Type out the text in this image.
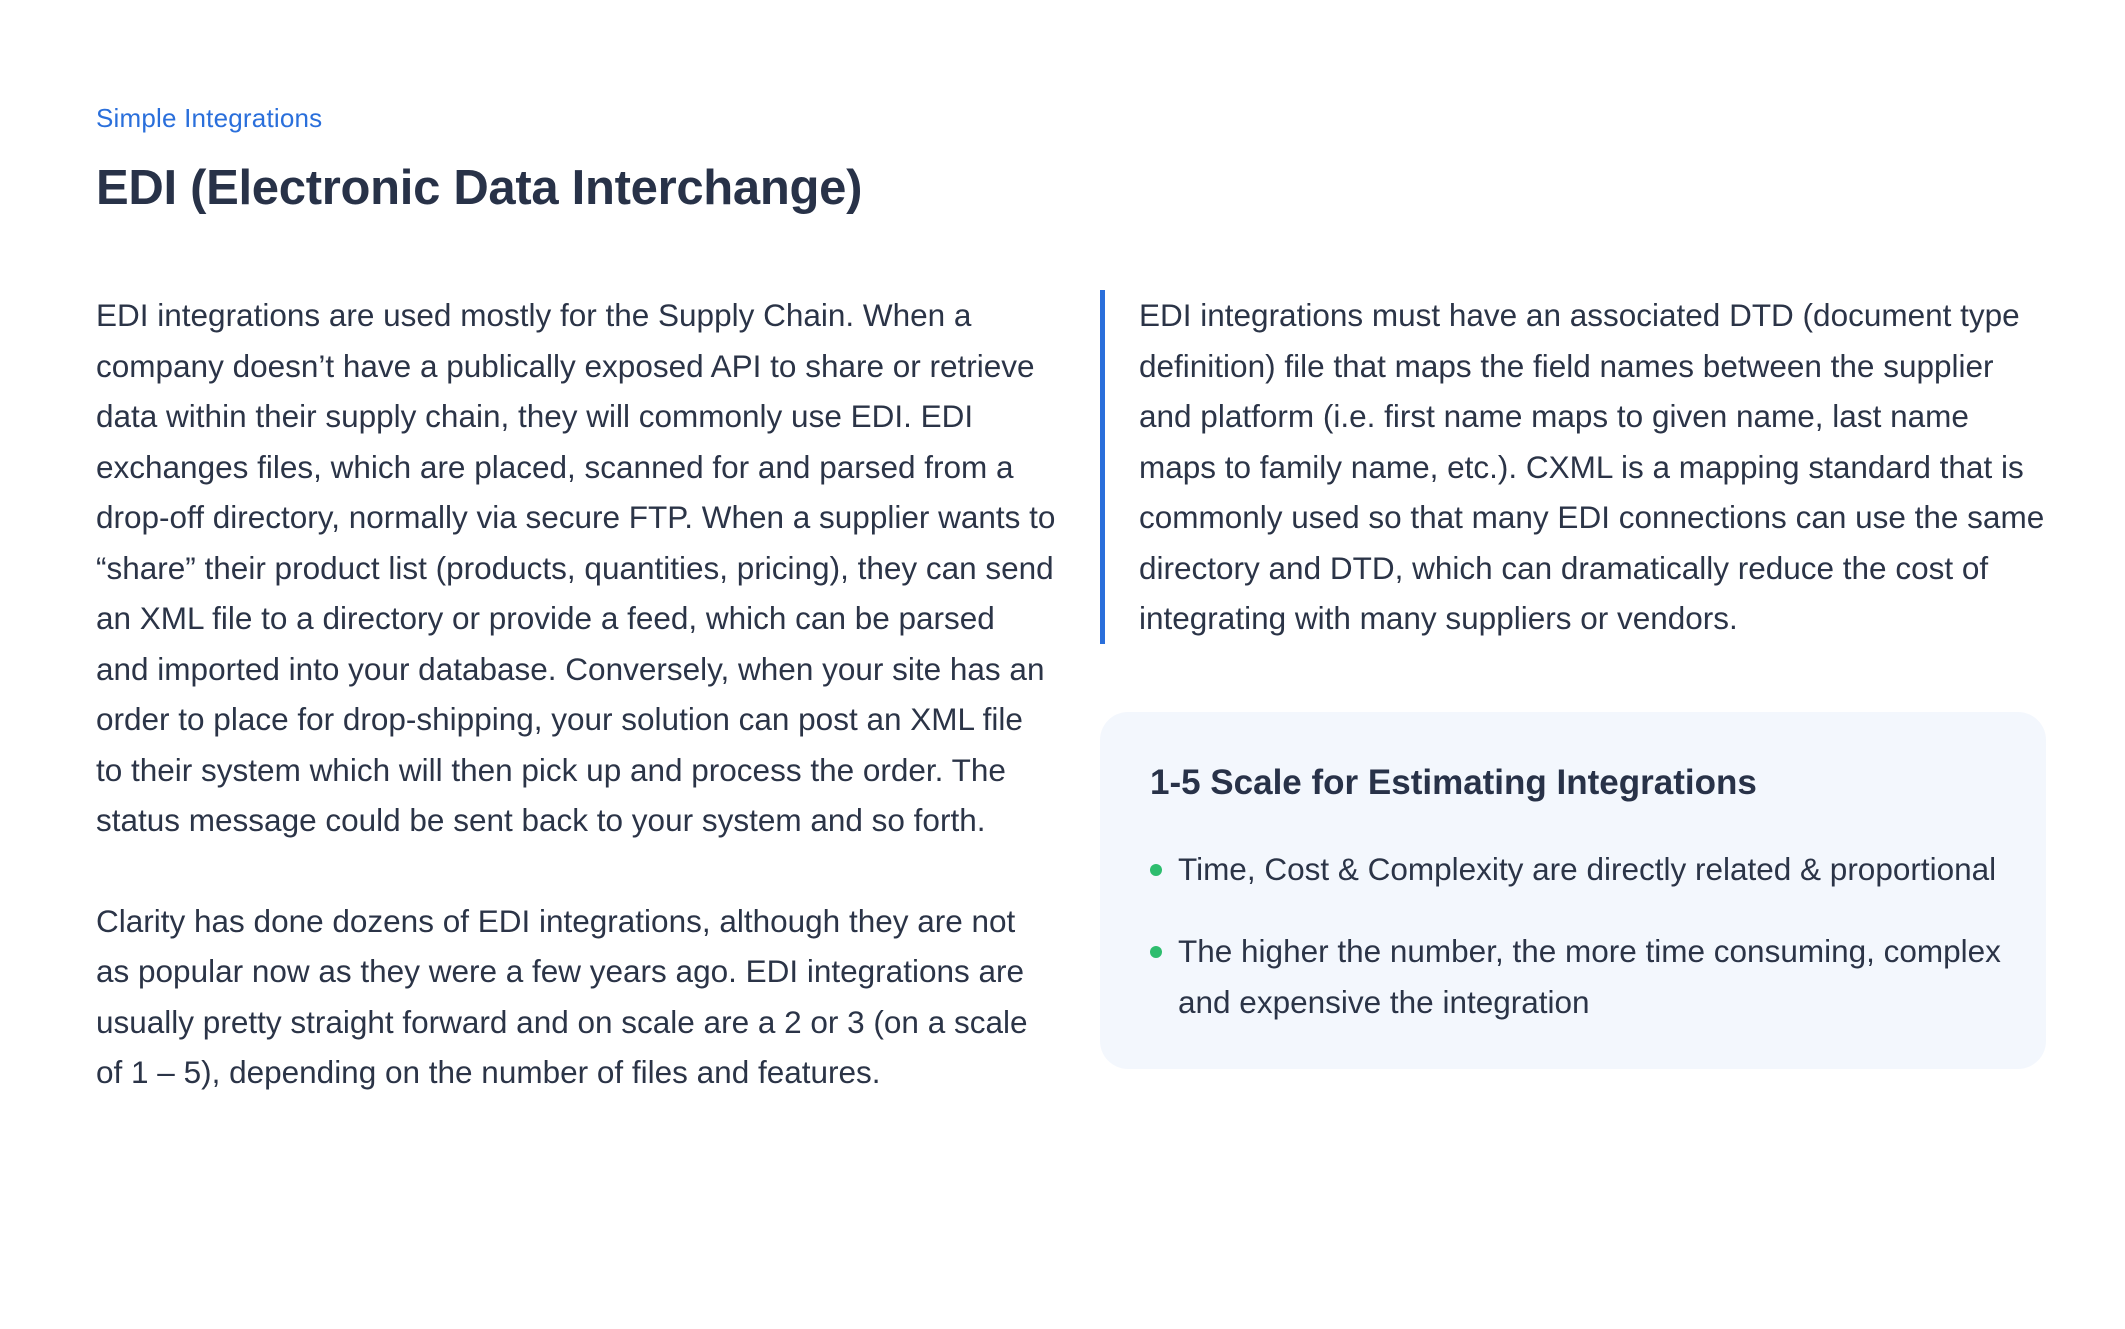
Simple Integrations
EDI (Electronic Data Interchange)

EDI integrations are used mostly for the Supply Chain. When a company doesn’t have a publically exposed API to share or retrieve data within their supply chain, they will commonly use EDI. EDI exchanges files, which are placed, scanned for and parsed from a drop-off directory, normally via secure FTP. When a supplier wants to “share” their product list (products, quantities, pricing), they can send an XML file to a directory or provide a feed, which can be parsed and imported into your database. Conversely, when your site has an order to place for drop-shipping, your solution can post an XML file to their system which will then pick up and process the order. The status message could be sent back to your system and so forth.

Clarity has done dozens of EDI integrations, although they are not as popular now as they were a few years ago. EDI integrations are usually pretty straight forward and on scale are a 2 or 3 (on a scale of 1 – 5), depending on the number of files and features.

EDI integrations must have an associated DTD (document type definition) file that maps the field names between the supplier and platform (i.e. first name maps to given name, last name maps to family name, etc.). CXML is a mapping standard that is commonly used so that many EDI connections can use the same directory and DTD, which can dramatically reduce the cost of integrating with many suppliers or vendors.
1-5 Scale for Estimating Integrations
Time, Cost & Complexity are directly related & proportional
The higher the number, the more time consuming, complex and expensive the integration
